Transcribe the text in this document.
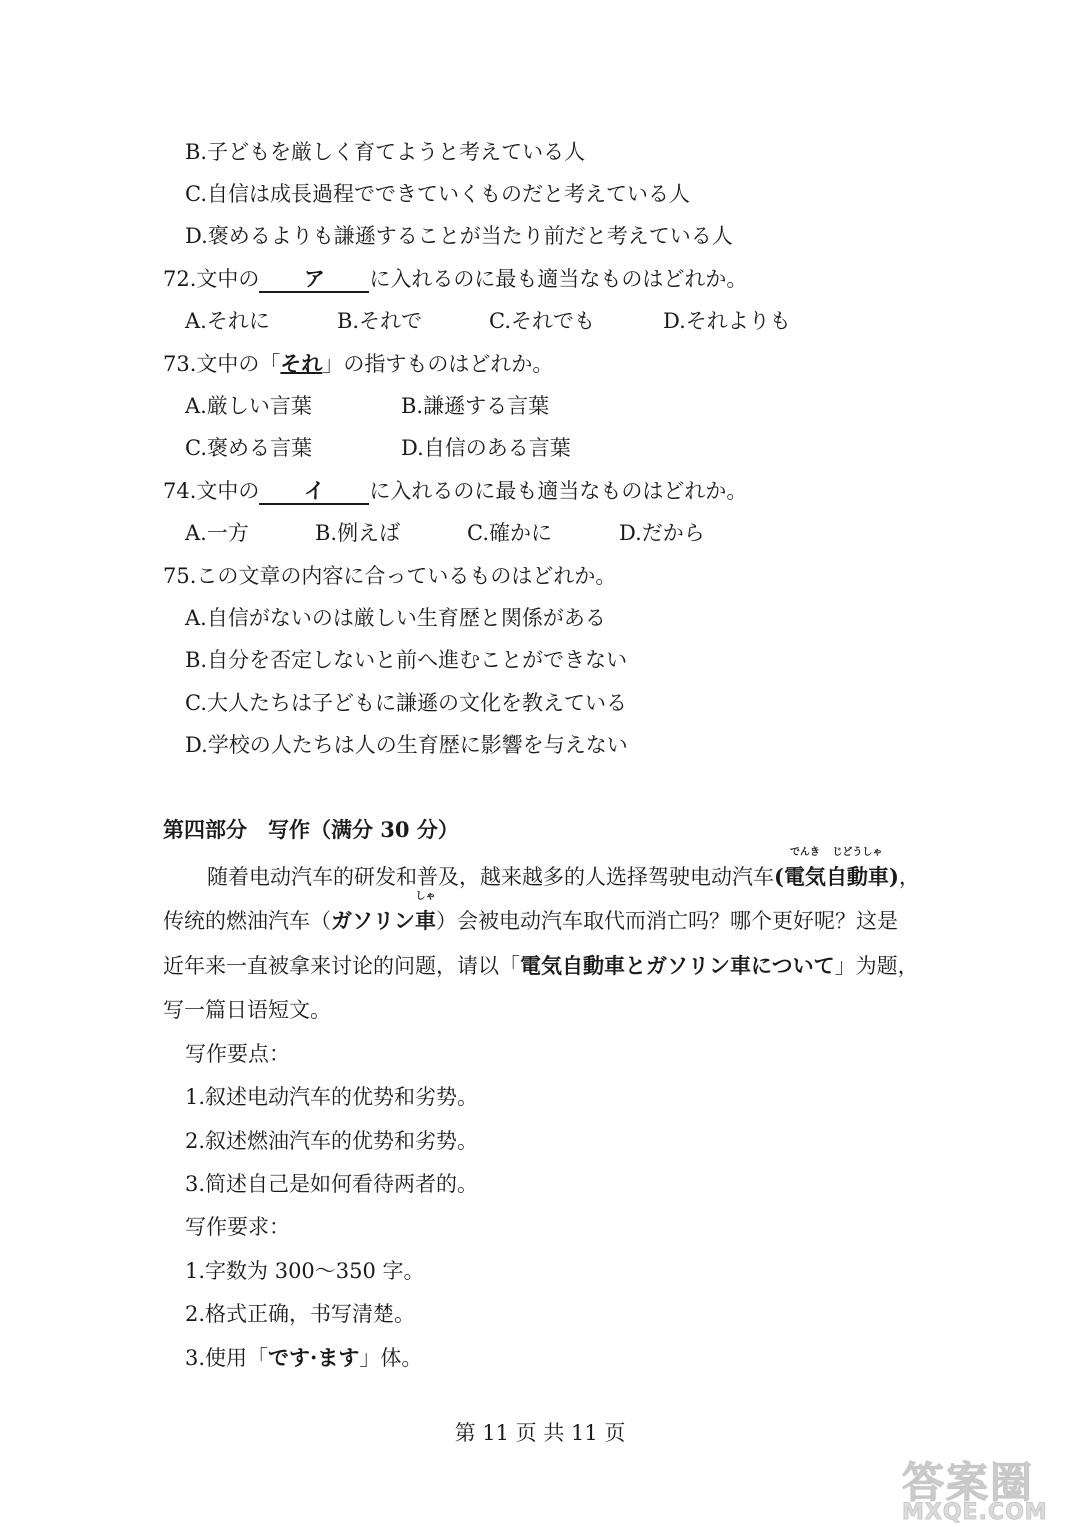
B.子どもを厳しく育てようと考えている人
C.自信は成長過程でできていくものだと考えている人
D.褒めるよりも謙遜することが当たり前だと考えている人
72.文中の ア に入れるのに最も適当なものはどれか。
A.それに	B.それで	C.それでも	D.それよりも
73.文中の「それ」の指すものはどれか。
A.厳しい言葉	B.謙遜する言葉
C.褒める言葉	D.自信のある言葉
74.文中の イ に入れるのに最も適当なものはどれか。
A.一方	B.例えば	C.確かに	D.だから
75.この文章の内容に合っているものはどれか。
A.自信がないのは厳しい生育歴と関係がある
B.自分を否定しないと前へ進むことができない
C.大人たちは子どもに謙遜の文化を教えている
D.学校の人たちは人の生育歴に影響を与えない
第四部分　写作（满分 30 分）
随着电动汽车的研发和普及，越来越多的人选择驾驶电动汽车(
でんき
電気
じどうしゃ
自動車)，
传统的燃油汽车（ガソリン
しゃ
車）会被电动汽车取代而消亡吗？哪个更好呢？这是
近年来一直被拿来讨论的问题，请以「電気自動車とガソリン車について」为题，
写一篇日语短文。
写作要点：
1.叙述电动汽车的优势和劣势。
2.叙述燃油汽车的优势和劣势。
3.简述自己是如何看待两者的。
写作要求：
1.字数为 300～350 字。
2.格式正确，书写清楚。
3.使用「です·ます」体。
第 11 页 共 11 页
答案圈
MXQE.COM
